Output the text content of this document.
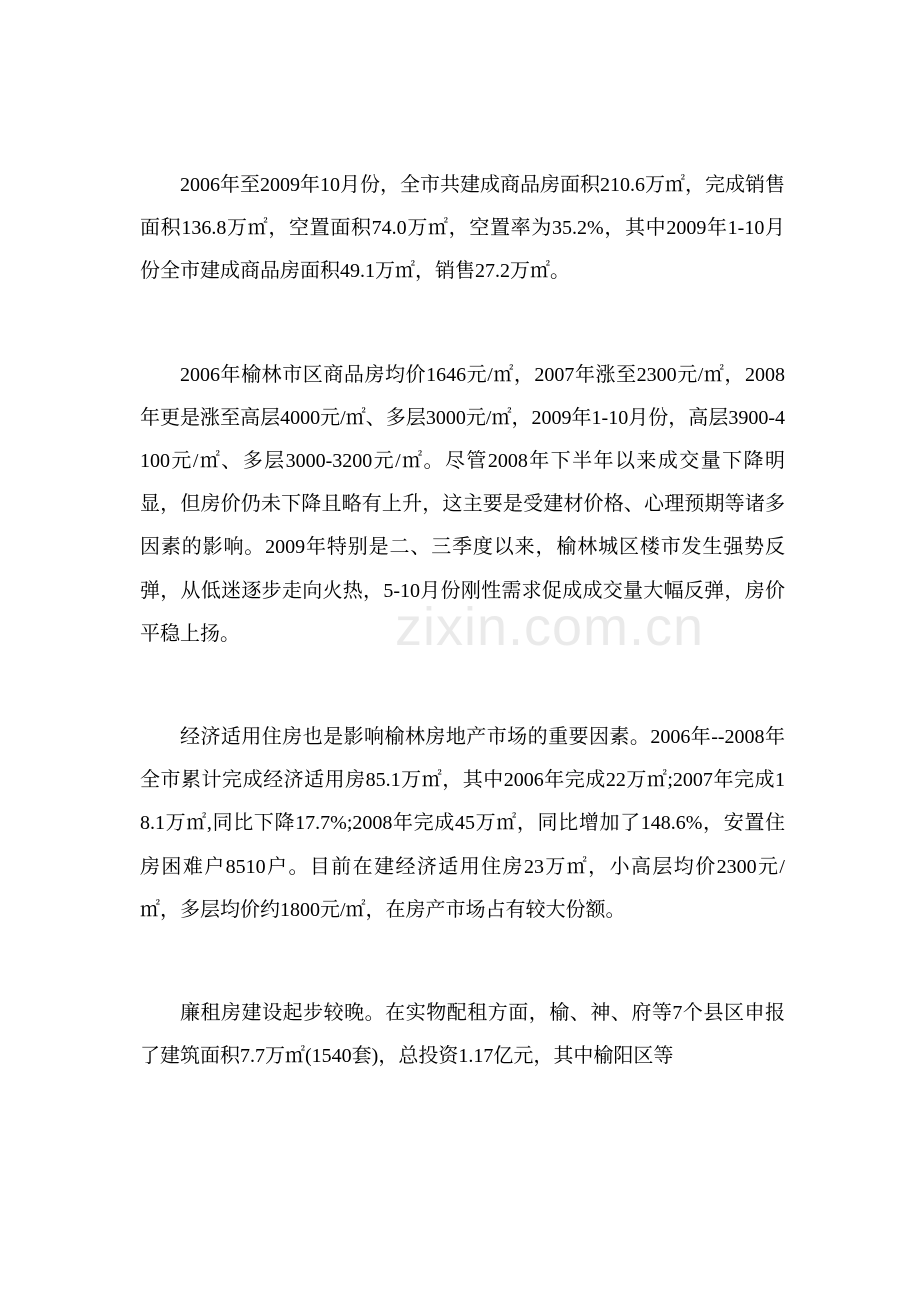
2006年至2009年10月份，全市共建成商品房面积210.6万㎡，完成销售面积136.8万㎡，空置面积74.0万㎡，空置率为35.2%，其中2009年1-10月份全市建成商品房面积49.1万㎡，销售27.2万㎡。

2006年榆林市区商品房均价1646元/㎡，2007年涨至2300元/㎡，2008年更是涨至高层4000元/㎡、多层3000元/㎡，2009年1-10月份，高层3900-4100元/㎡、多层3000-3200元/㎡。尽管2008年下半年以来成交量下降明显，但房价仍未下降且略有上升，这主要是受建材价格、心理预期等诸多因素的影响。2009年特别是二、三季度以来，榆林城区楼市发生强势反弹，从低迷逐步走向火热，5-10月份刚性需求促成成交量大幅反弹，房价平稳上扬。

经济适用住房也是影响榆林房地产市场的重要因素。2006年--2008年全市累计完成经济适用房85.1万㎡，其中2006年完成22万㎡;2007年完成18.1万㎡,同比下降17.7%;2008年完成45万㎡，同比增加了148.6%，安置住房困难户8510户。目前在建经济适用住房23万㎡，小高层均价2300元/㎡，多层均价约1800元/㎡，在房产市场占有较大份额。

廉租房建设起步较晚。在实物配租方面，榆、神、府等7个县区申报了建筑面积7.7万㎡(1540套)，总投资1.17亿元，其中榆阳区等

zixin.com.cn
